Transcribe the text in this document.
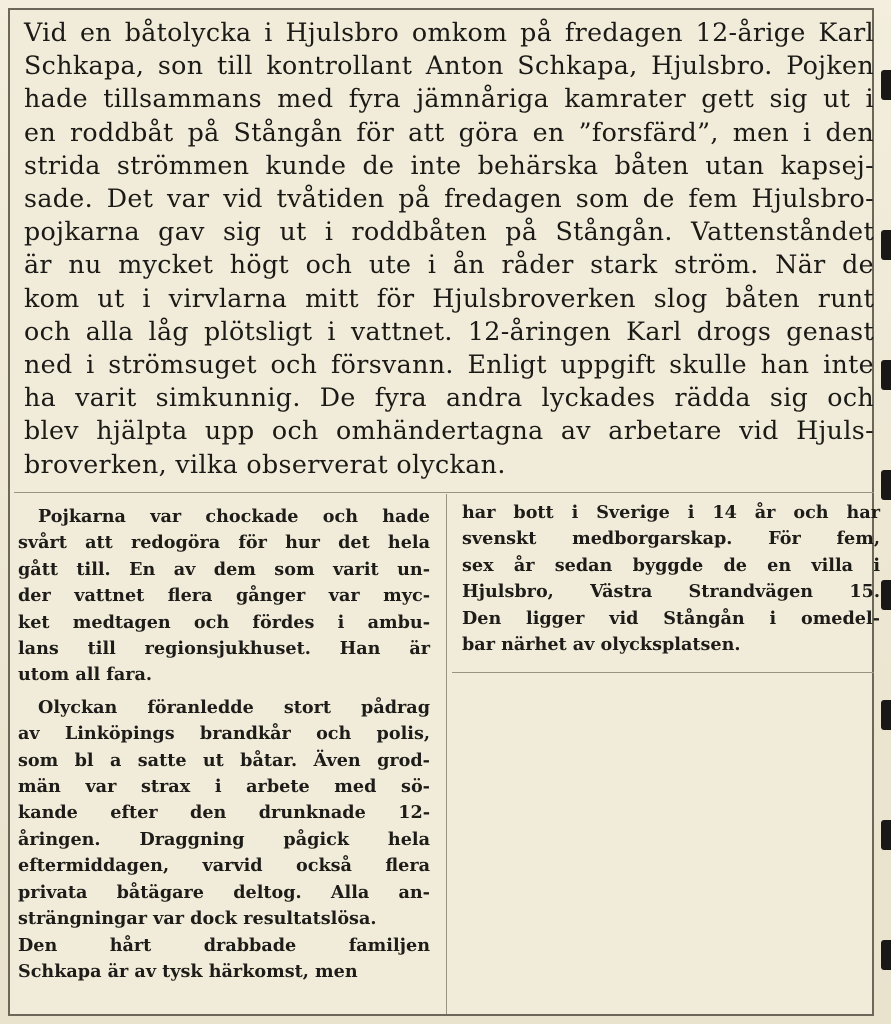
Vid en båtolycka i Hjulsbro omkom på fredagen 12-årige Karl
Schkapa, son till kontrollant Anton Schkapa, Hjulsbro. Pojken
hade tillsammans med fyra jämnåriga kamrater gett sig ut i
en roddbåt på Stångån för att göra en ”forsfärd”, men i den
strida strömmen kunde de inte behärska båten utan kapsej-
sade. Det var vid tvåtiden på fredagen som de fem Hjulsbro-
pojkarna gav sig ut i roddbåten på Stångån. Vattenståndet
är nu mycket högt och ute i ån råder stark ström. När de
kom ut i virvlarna mitt för Hjulsbroverken slog båten runt
och alla låg plötsligt i vattnet. 12-åringen Karl drogs genast
ned i strömsuget och försvann. Enligt uppgift skulle han inte
ha varit simkunnig. De fyra andra lyckades rädda sig och
blev hjälpta upp och omhändertagna av arbetare vid Hjuls-
broverken, vilka observerat olyckan.

Pojkarna var chockade och hade
svårt att redogöra för hur det hela
gått till. En av dem som varit un-
der vattnet flera gånger var myc-
ket medtagen och fördes i ambu-
lans till regionsjukhuset. Han är
utom all fara.

Olyckan föranledde stort pådrag
av Linköpings brandkår och polis,
som bl a satte ut båtar. Även grod-
män var strax i arbete med sö-
kande efter den drunknade 12-
åringen. Draggning pågick hela
eftermiddagen, varvid också flera
privata båtägare deltog. Alla an-
strängningar var dock resultatslösa.

Den hårt drabbade familjen
Schkapa är av tysk härkomst, men

har bott i Sverige i 14 år och har
svenskt medborgarskap. För fem,
sex år sedan byggde de en villa i
Hjulsbro, Västra Strandvägen 15.
Den ligger vid Stångån i omedel-
bar närhet av olycksplatsen.
